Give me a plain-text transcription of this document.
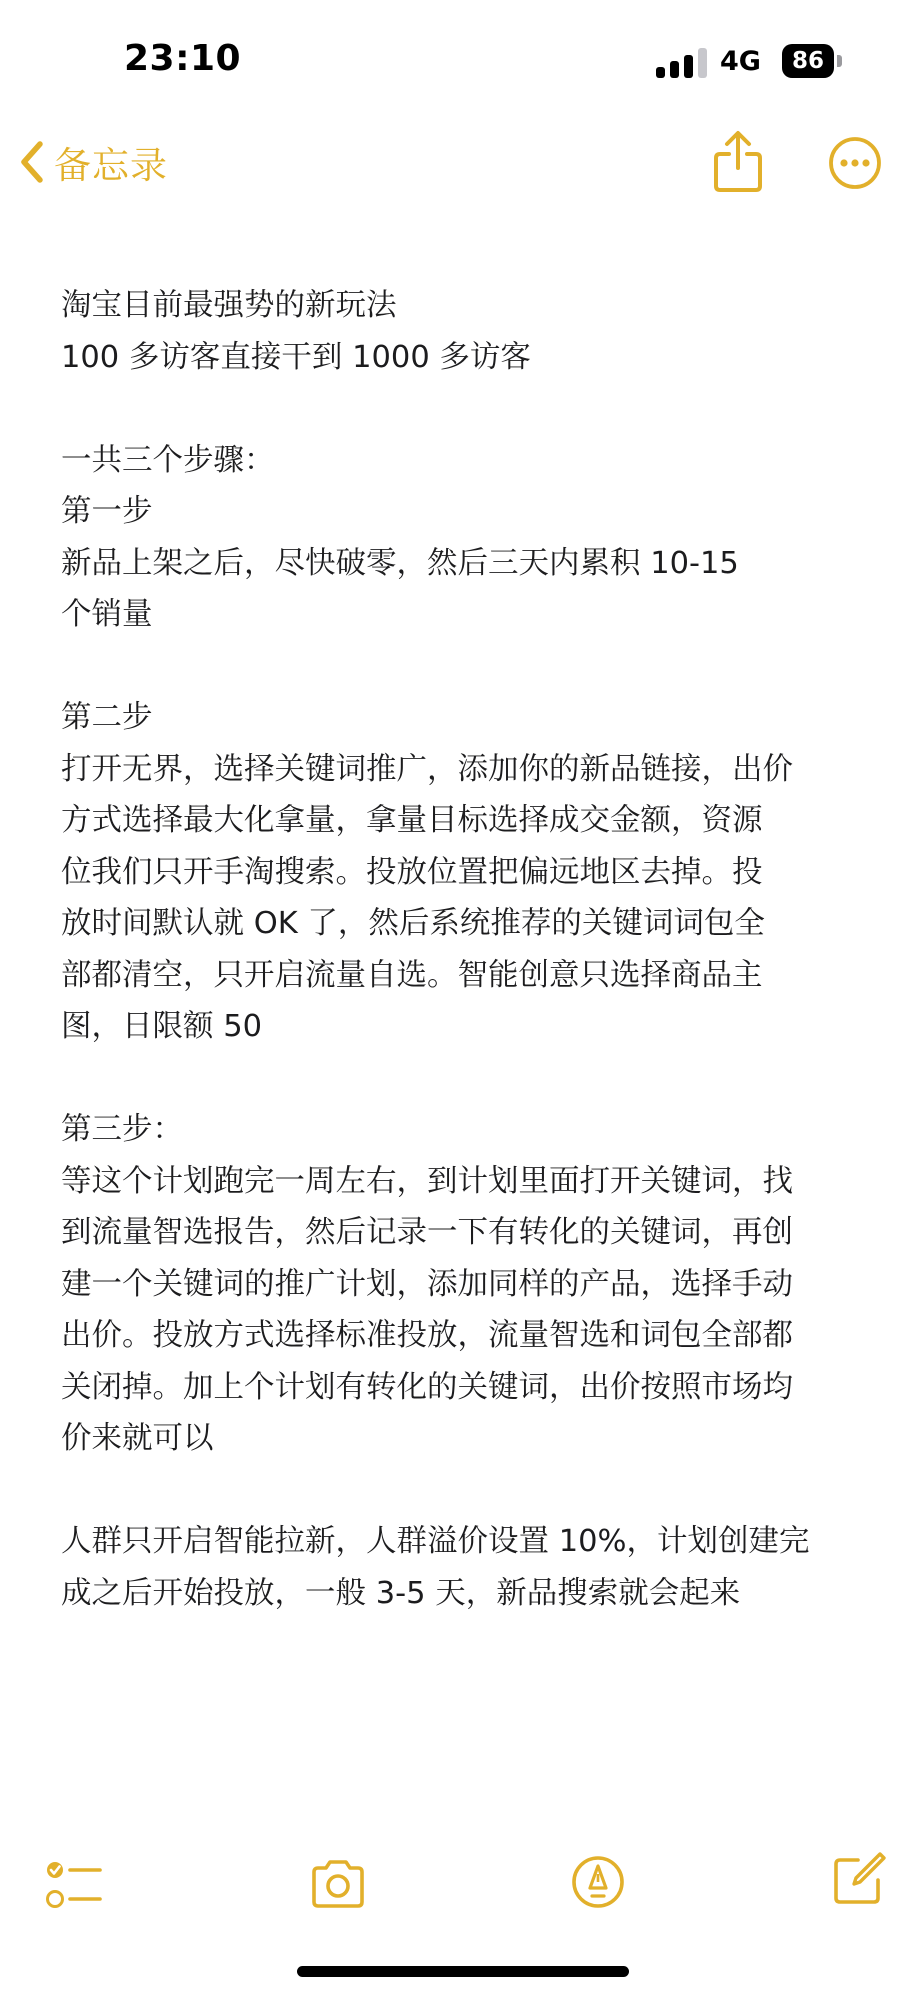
23:10	4G	86
备忘录
淘宝目前最强势的新玩法
100 多访客直接干到 1000 多访客
一共三个步骤：
第一步
新品上架之后，尽快破零，然后三天内累积 10-15
个销量
第二步
打开无界，选择关键词推广，添加你的新品链接，出价
方式选择最大化拿量，拿量目标选择成交金额，资源
位我们只开手淘搜索。投放位置把偏远地区去掉。投
放时间默认就 OK 了，然后系统推荐的关键词词包全
部都清空，只开启流量自选。智能创意只选择商品主
图，日限额 50
第三步：
等这个计划跑完一周左右，到计划里面打开关键词，找
到流量智选报告，然后记录一下有转化的关键词，再创
建一个关键词的推广计划，添加同样的产品，选择手动
出价。投放方式选择标准投放，流量智选和词包全部都
关闭掉。加上个计划有转化的关键词，出价按照市场均
价来就可以
人群只开启智能拉新，人群溢价设置 10%，计划创建完
成之后开始投放，一般 3-5 天，新品搜索就会起来
